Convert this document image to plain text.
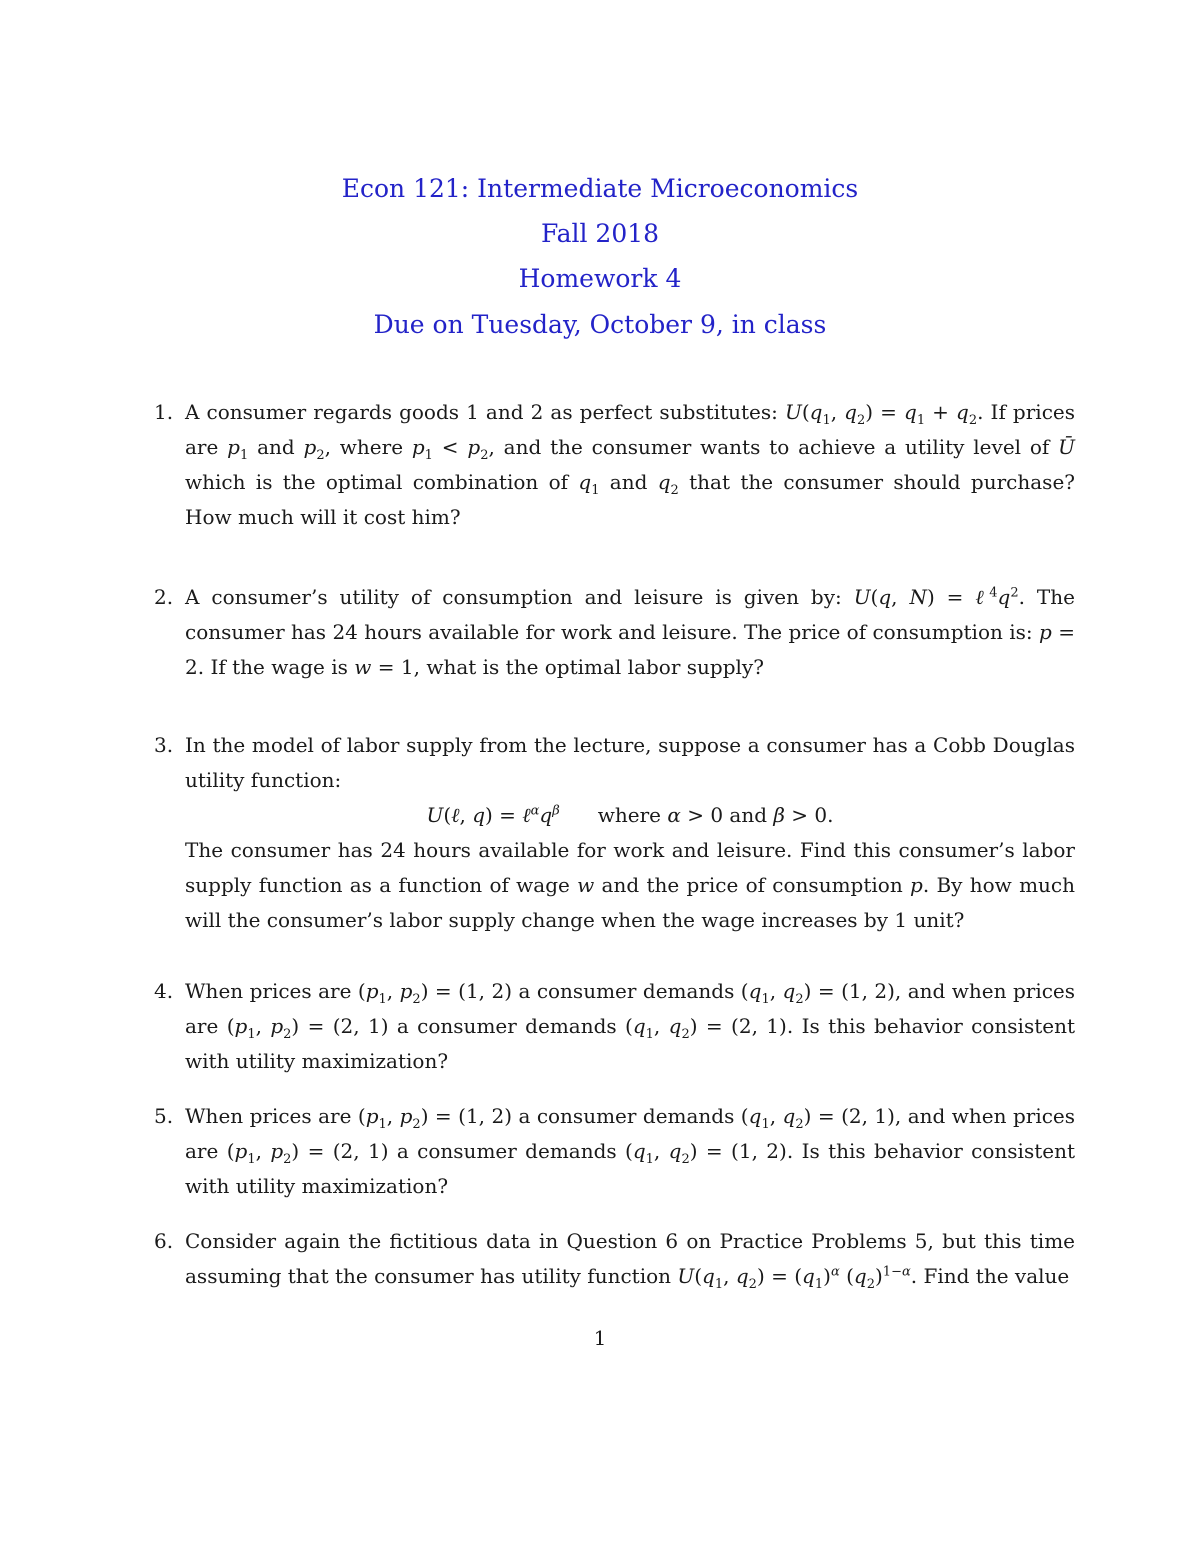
Econ 121: Intermediate Microeconomics
Fall 2018
Homework 4
Due on Tuesday, October 9, in class
1. A consumer regards goods 1 and 2 as perfect substitutes: $U(q_1$, $q_2) = q_1 + q_2$. If prices are $p_1$ and $p_2$, where $p_1 < p_2$, and the consumer wants to achieve a utility level of Ū which is the optimal combination of $q_1$ and $q_2$ that the consumer should purchase? How much will it cost him?

2. A consumer’s utility of consumption and leisure is given by: U(q, $N) = \ell^4q^2$. The consumer has 24 hours available for work and leisure. The price of consumption is: p = 2. If the wage is w = 1, what is the optimal labor supply?

3. In the model of labor supply from the lecture, suppose a consumer has a Cobb Douglas utility function:

U(ℓ, $q) = \ell^\alpha q^\beta$ where α > 0 and β > 0.

The consumer has 24 hours available for work and leisure. Find this consumer’s labor supply function as a function of wage w and the price of consumption p. By how much will the consumer’s labor supply change when the wage increases by 1 unit?

4. When prices are ($p_1$, $p_2) = (1$, 2) a consumer demands ($q_1$, $q_2) = (1$, 2), and when prices are ($p_1$, $p_2) = (2$, 1) a consumer demands ($q_1$, $q_2) = (2$, 1). Is this behavior consistent with utility maximization?

5. When prices are ($p_1$, $p_2) = (1$, 2) a consumer demands ($q_1$, $q_2) = (2$, 1), and when prices are ($p_1$, $p_2) = (2$, 1) a consumer demands ($q_1$, $q_2) = (1$, 2). Is this behavior consistent with utility maximization?

6. Consider again the fictitious data in Question 6 on Practice Problems 5, but this time assuming that the consumer has utility function $U(q_1$, $q_2) = (q_1)^\alpha$ $(q_2)^{1-\alpha}$. Find the value

1
